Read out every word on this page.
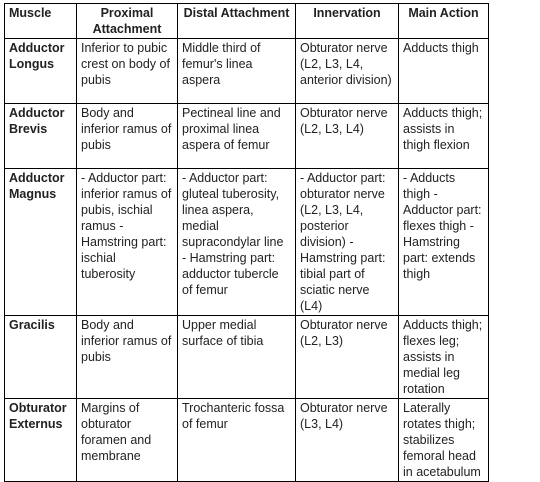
Muscle	Proximal Attachment	Distal Attachment	Innervation	Main Action
Adductor Longus	Inferior to pubic crest on body of pubis	Middle third of femur's linea aspera	Obturator nerve (L2, L3, L4, anterior division)	Adducts thigh
Adductor Brevis	Body and inferior ramus of pubis	Pectineal line and proximal linea aspera of femur	Obturator nerve (L2, L3, L4)	Adducts thigh; assists in thigh flexion
Adductor Magnus	- Adductor part: inferior ramus of pubis, ischial ramus - Hamstring part: ischial tuberosity	- Adductor part: gluteal tuberosity, linea aspera, medial supracondylar line - Hamstring part: adductor tubercle of femur	- Adductor part: obturator nerve (L2, L3, L4, posterior division) - Hamstring part: tibial part of sciatic nerve (L4)	- Adducts thigh - Adductor part: flexes thigh - Hamstring part: extends thigh
Gracilis	Body and inferior ramus of pubis	Upper medial surface of tibia	Obturator nerve (L2, L3)	Adducts thigh; flexes leg; assists in medial leg rotation
Obturator Externus	Margins of obturator foramen and membrane	Trochanteric fossa of femur	Obturator nerve (L3, L4)	Laterally rotates thigh; stabilizes femoral head in acetabulum
